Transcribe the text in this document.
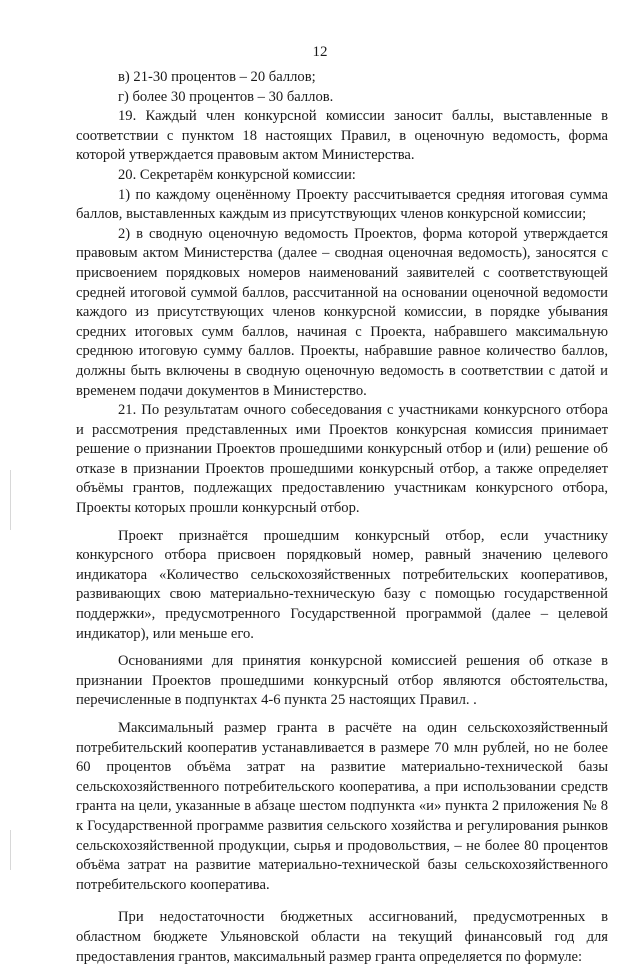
12

в) 21-30 процентов – 20 баллов;

г) более 30 процентов – 30 баллов.

19. Каждый член конкурсной комиссии заносит баллы, выставленные в соответствии с пунктом 18 настоящих Правил, в оценочную ведомость, форма которой утверждается правовым актом Министерства.

20. Секретарём конкурсной комиссии:

1) по каждому оценённому Проекту рассчитывается средняя итоговая сумма баллов, выставленных каждым из присутствующих членов конкурсной комиссии;

2) в сводную оценочную ведомость Проектов, форма которой утверждается правовым актом Министерства (далее – сводная оценочная ведомость), заносятся с присвоением порядковых номеров наименований заявителей с соответствующей средней итоговой суммой баллов, рассчитанной на основании оценочной ведомости каждого из присутствующих членов конкурсной комиссии, в порядке убывания средних итоговых сумм баллов, начиная с Проекта, набравшего максимальную среднюю итоговую сумму баллов. Проекты, набравшие равное количество баллов, должны быть включены в сводную оценочную ведомость в соответствии с датой и временем подачи документов в Министерство.

21. По результатам очного собеседования с участниками конкурсного отбора и рассмотрения представленных ими Проектов конкурсная комиссия принимает решение о признании Проектов прошедшими конкурсный отбор и (или) решение об отказе в признании Проектов прошедшими конкурсный отбор, а также определяет объёмы грантов, подлежащих предоставлению участникам конкурсного отбора, Проекты которых прошли конкурсный отбор.

Проект признаётся прошедшим конкурсный отбор, если участнику конкурсного отбора присвоен порядковый номер, равный значению целевого индикатора «Количество сельскохозяйственных потребительских кооперативов, развивающих свою материально-техническую базу с помощью государственной поддержки», предусмотренного Государственной программой (далее – целевой индикатор), или меньше его.

Основаниями для принятия конкурсной комиссией решения об отказе в признании Проектов прошедшими конкурсный отбор являются обстоятельства, перечисленные в подпунктах 4-6 пункта 25 настоящих Правил. .

Максимальный размер гранта в расчёте на один сельскохозяйственный потребительский кооператив устанавливается в размере 70 млн рублей, но не более 60 процентов объёма затрат на развитие материально-технической базы сельскохозяйственного потребительского кооператива, а при использовании средств гранта на цели, указанные в абзаце шестом подпункта «и» пункта 2 приложения № 8 к Государственной программе развития сельского хозяйства и регулирования рынков сельскохозяйственной продукции, сырья и продовольствия, – не более 80 процентов объёма затрат на развитие материально-технической базы сельскохозяйственного потребительского кооператива.

При недостаточности бюджетных ассигнований, предусмотренных в областном бюджете Ульяновской области на текущий финансовый год для предоставления грантов, максимальный размер гранта определяется по формуле:
